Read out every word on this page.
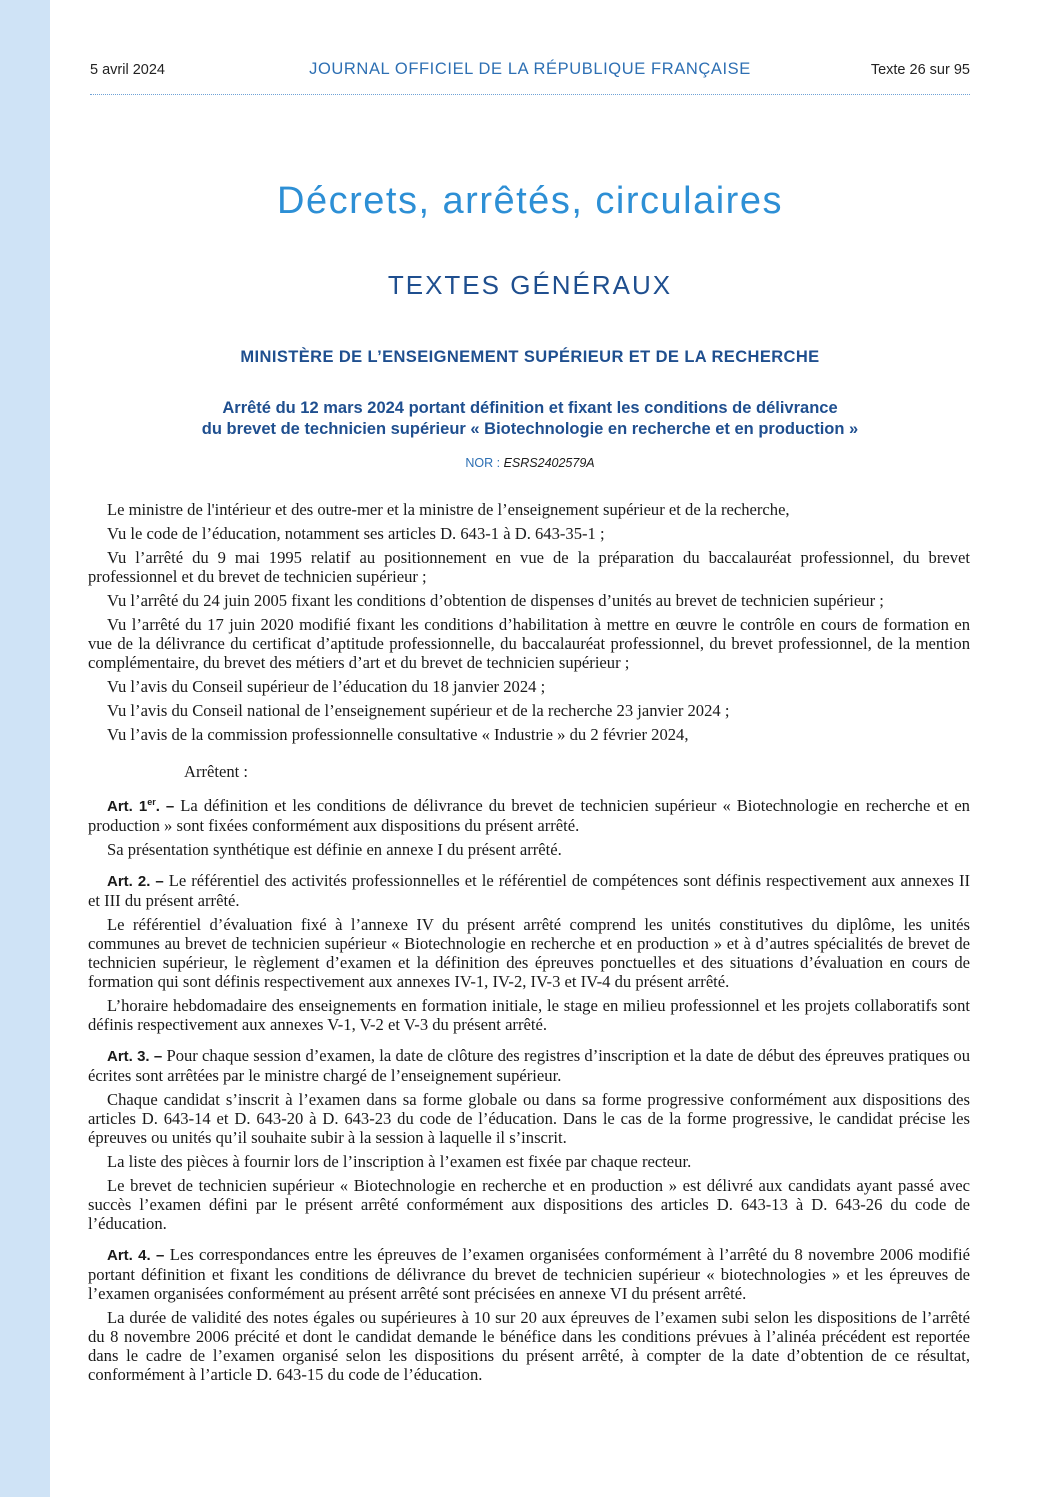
5 avril 2024	JOURNAL OFFICIEL DE LA RÉPUBLIQUE FRANÇAISE	Texte 26 sur 95
Décrets, arrêtés, circulaires
TEXTES GÉNÉRAUX
MINISTÈRE DE L’ENSEIGNEMENT SUPÉRIEUR ET DE LA RECHERCHE
Arrêté du 12 mars 2024 portant définition et fixant les conditions de délivrance
du brevet de technicien supérieur « Biotechnologie en recherche et en production »
NOR : ESRS2402579A

Le ministre de l'intérieur et des outre-mer et la ministre de l’enseignement supérieur et de la recherche,

Vu le code de l’éducation, notamment ses articles D. 643-1 à D. 643-35-1 ;

Vu l’arrêté du 9 mai 1995 relatif au positionnement en vue de la préparation du baccalauréat professionnel, du brevet professionnel et du brevet de technicien supérieur ;

Vu l’arrêté du 24 juin 2005 fixant les conditions d’obtention de dispenses d’unités au brevet de technicien supérieur ;

Vu l’arrêté du 17 juin 2020 modifié fixant les conditions d’habilitation à mettre en œuvre le contrôle en cours de formation en vue de la délivrance du certificat d’aptitude professionnelle, du baccalauréat professionnel, du brevet professionnel, de la mention complémentaire, du brevet des métiers d’art et du brevet de technicien supérieur ;

Vu l’avis du Conseil supérieur de l’éducation du 18 janvier 2024 ;

Vu l’avis du Conseil national de l’enseignement supérieur et de la recherche 23 janvier 2024 ;

Vu l’avis de la commission professionnelle consultative « Industrie » du 2 février 2024,

Arrêtent :

Art. 1er. – La définition et les conditions de délivrance du brevet de technicien supérieur « Biotechnologie en recherche et en production » sont fixées conformément aux dispositions du présent arrêté.

Sa présentation synthétique est définie en annexe I du présent arrêté.

Art. 2. – Le référentiel des activités professionnelles et le référentiel de compétences sont définis respectivement aux annexes II et III du présent arrêté.

Le référentiel d’évaluation fixé à l’annexe IV du présent arrêté comprend les unités constitutives du diplôme, les unités communes au brevet de technicien supérieur « Biotechnologie en recherche et en production » et à d’autres spécialités de brevet de technicien supérieur, le règlement d’examen et la définition des épreuves ponctuelles et des situations d’évaluation en cours de formation qui sont définis respectivement aux annexes IV-1, IV-2, IV-3 et IV-4 du présent arrêté.

L’horaire hebdomadaire des enseignements en formation initiale, le stage en milieu professionnel et les projets collaboratifs sont définis respectivement aux annexes V-1, V-2 et V-3 du présent arrêté.

Art. 3. – Pour chaque session d’examen, la date de clôture des registres d’inscription et la date de début des épreuves pratiques ou écrites sont arrêtées par le ministre chargé de l’enseignement supérieur.

Chaque candidat s’inscrit à l’examen dans sa forme globale ou dans sa forme progressive conformément aux dispositions des articles D. 643-14 et D. 643-20 à D. 643-23 du code de l’éducation. Dans le cas de la forme progressive, le candidat précise les épreuves ou unités qu’il souhaite subir à la session à laquelle il s’inscrit.

La liste des pièces à fournir lors de l’inscription à l’examen est fixée par chaque recteur.

Le brevet de technicien supérieur « Biotechnologie en recherche et en production » est délivré aux candidats ayant passé avec succès l’examen défini par le présent arrêté conformément aux dispositions des articles D. 643-13 à D. 643-26 du code de l’éducation.

Art. 4. – Les correspondances entre les épreuves de l’examen organisées conformément à l’arrêté du 8 novembre 2006 modifié portant définition et fixant les conditions de délivrance du brevet de technicien supérieur « biotechnologies » et les épreuves de l’examen organisées conformément au présent arrêté sont précisées en annexe VI du présent arrêté.

La durée de validité des notes égales ou supérieures à 10 sur 20 aux épreuves de l’examen subi selon les dispositions de l’arrêté du 8 novembre 2006 précité et dont le candidat demande le bénéfice dans les conditions prévues à l’alinéa précédent est reportée dans le cadre de l’examen organisé selon les dispositions du présent arrêté, à compter de la date d’obtention de ce résultat, conformément à l’article D. 643-15 du code de l’éducation.
